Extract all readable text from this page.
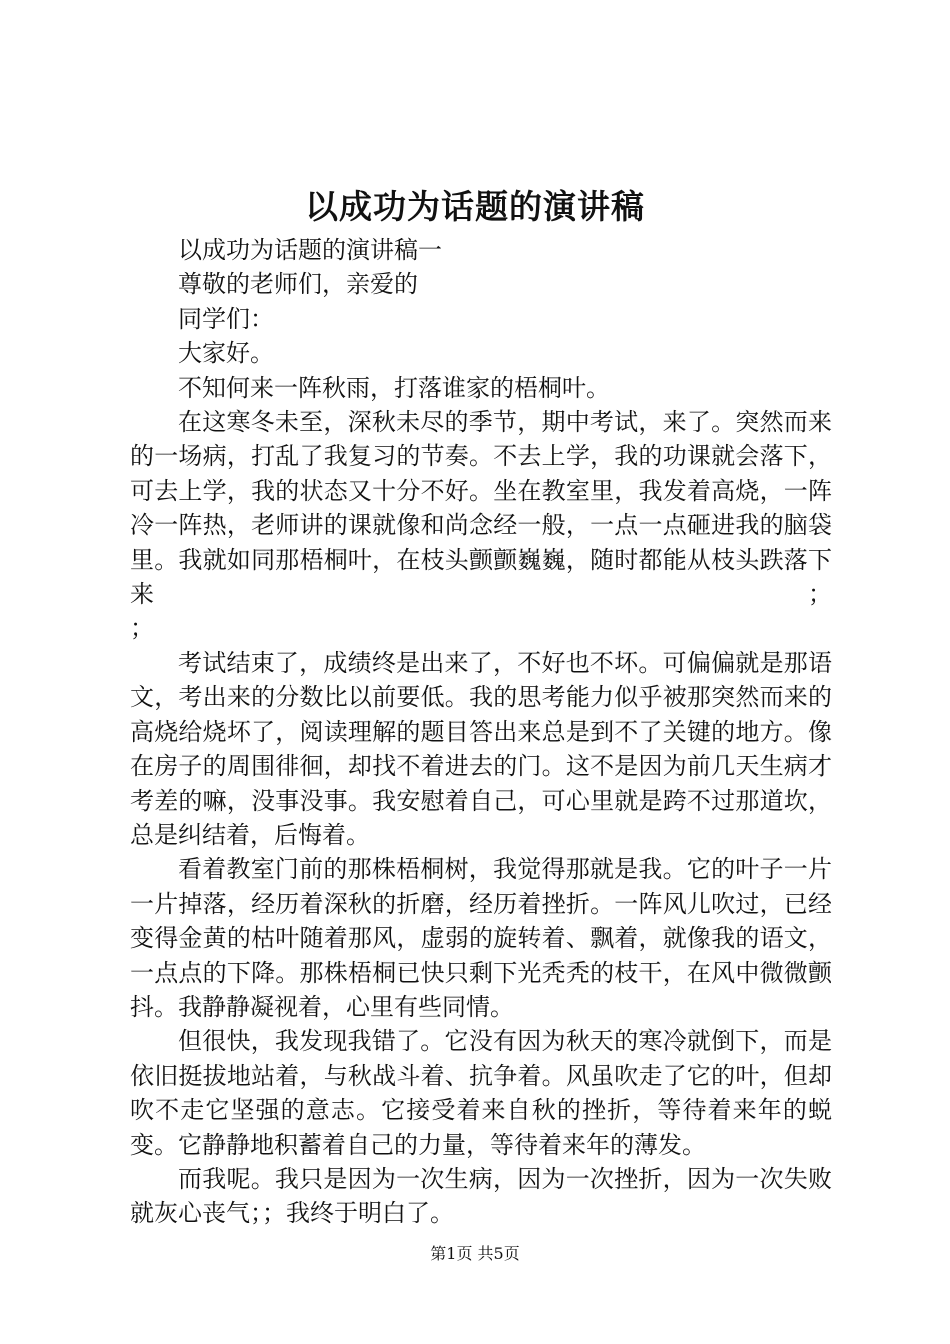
以成功为话题的演讲稿

以成功为话题的演讲稿一

尊敬的老师们，亲爱的

同学们：

大家好。

不知何来一阵秋雨，打落谁家的梧桐叶。

在这寒冬未至，深秋未尽的季节，期中考试，来了。突然而来的一场病，打乱了我复习的节奏。不去上学，我的功课就会落下，可去上学，我的状态又十分不好。坐在教室里，我发着高烧，一阵冷一阵热，老师讲的课就像和尚念经一般，一点一点砸进我的脑袋里。我就如同那梧桐叶，在枝头颤颤巍巍，随时都能从枝头跌落下来；

；

考试结束了，成绩终是出来了，不好也不坏。可偏偏就是那语文，考出来的分数比以前要低。我的思考能力似乎被那突然而来的高烧给烧坏了，阅读理解的题目答出来总是到不了关键的地方。像在房子的周围徘徊，却找不着进去的门。这不是因为前几天生病才考差的嘛，没事没事。我安慰着自己，可心里就是跨不过那道坎，总是纠结着，后悔着。

看着教室门前的那株梧桐树，我觉得那就是我。它的叶子一片一片掉落，经历着深秋的折磨，经历着挫折。一阵风儿吹过，已经变得金黄的枯叶随着那风，虚弱的旋转着、飘着，就像我的语文，一点点的下降。那株梧桐已快只剩下光秃秃的枝干，在风中微微颤抖。我静静凝视着，心里有些同情。

但很快，我发现我错了。它没有因为秋天的寒冷就倒下，而是依旧挺拔地站着，与秋战斗着、抗争着。风虽吹走了它的叶，但却吹不走它坚强的意志。它接受着来自秋的挫折，等待着来年的蜕变。它静静地积蓄着自己的力量，等待着来年的薄发。

而我呢。我只是因为一次生病，因为一次挫折，因为一次失败就灰心丧气；；我终于明白了。

第1页 共5页
